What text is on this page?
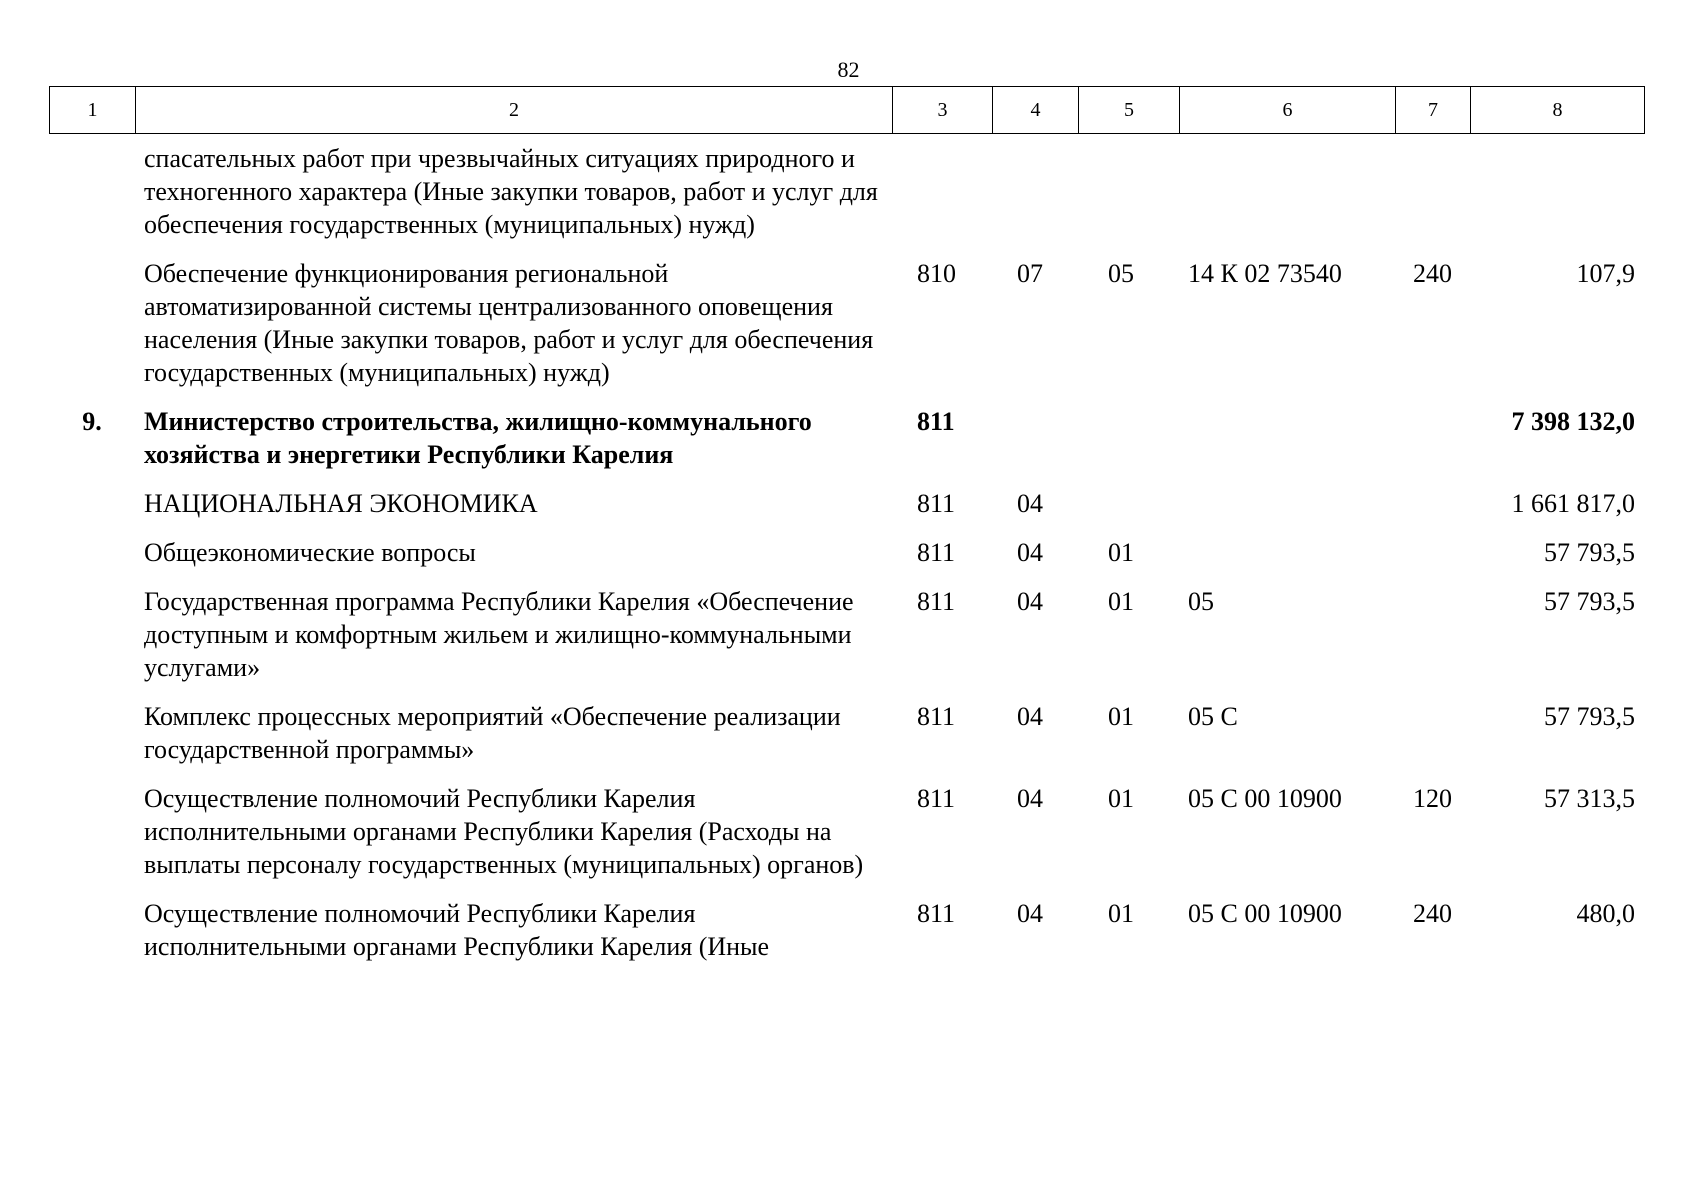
82
1	2	3	4	5	6	7	8
	спасательных работ при чрезвычайных ситуациях природного и техногенного характера (Иные закупки товаров, работ и услуг для обеспечения государственных (муниципальных) нужд)						
	Обеспечение функционирования региональной автоматизированной системы централизованного оповещения населения (Иные закупки товаров, работ и услуг для обеспечения государственных (муниципальных) нужд)	810	07	05	14 К 02 73540	240	107,9
9.	Министерство строительства, жилищно-коммунального хозяйства и энергетики Республики Карелия	811					7 398 132,0
	НАЦИОНАЛЬНАЯ ЭКОНОМИКА	811	04				1 661 817,0
	Общеэкономические вопросы	811	04	01			57 793,5
	Государственная программа Республики Карелия «Обеспечение доступным и комфортным жильем и жилищно-коммунальными услугами»	811	04	01	05		57 793,5
	Комплекс процессных мероприятий «Обеспечение реализации государственной программы»	811	04	01	05 С		57 793,5
	Осуществление полномочий Республики Карелия исполнительными органами Республики Карелия (Расходы на выплаты персоналу государственных (муниципальных) органов)	811	04	01	05 С 00 10900	120	57 313,5
	Осуществление полномочий Республики Карелия исполнительными органами Республики Карелия (Иные	811	04	01	05 С 00 10900	240	480,0
